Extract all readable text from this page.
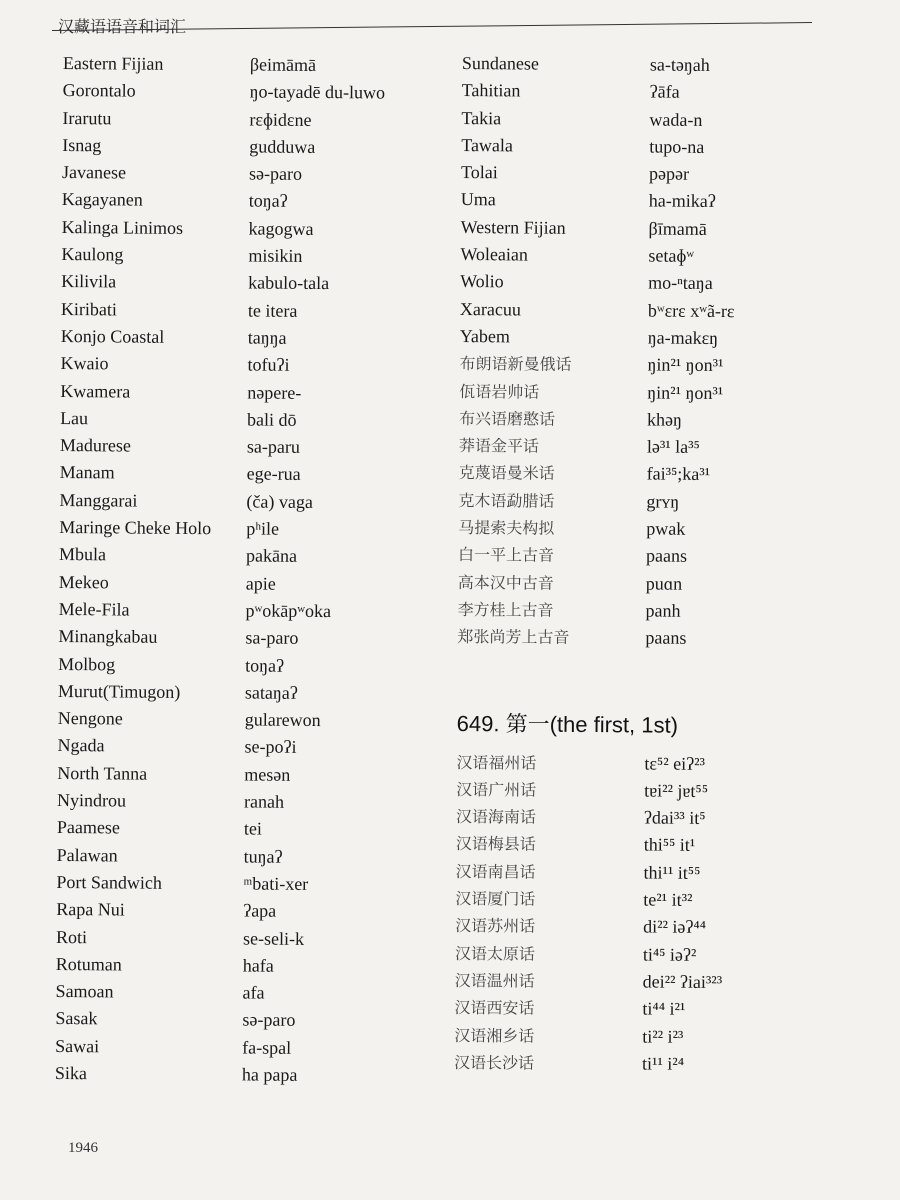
汉藏语语音和词汇
Eastern Fijian	βeimāmā
Gorontalo	ŋo-tayadē du-luwo
Irarutu	rɛɸidɛne
Isnag	gudduwa
Javanese	sə-paro
Kagayanen	toŋaʔ
Kalinga Linimos	kagogwa
Kaulong	misikin
Kilivila	kabulo-tala
Kiribati	te itera
Konjo Coastal	taŋŋa
Kwaio	tofuʔi
Kwamera	nəpere-
Lau	bali dō
Madurese	sa-paru
Manam	ege-rua
Manggarai	(ča) vaga
Maringe Cheke Holo	pʰile
Mbula	pakāna
Mekeo	apie
Mele-Fila	pʷokāpʷoka
Minangkabau	sa-paro
Molbog	toŋaʔ
Murut(Timugon)	sataŋaʔ
Nengone	gularewon
Ngada	se-poʔi
North Tanna	mesən
Nyindrou	ranah
Paamese	tei
Palawan	tuŋaʔ
Port Sandwich	ᵐbati-xer
Rapa Nui	ʔapa
Roti	se-seli-k
Rotuman	hafa
Samoan	afa
Sasak	sə-paro
Sawai	fa-spal
Sika	ha papa
Sundanese	sa-təŋah
Tahitian	ʔāfa
Takia	wada-n
Tawala	tupo-na
Tolai	pəpər
Uma	ha-mikaʔ
Western Fijian	βīmamā
Woleaian	setaɸʷ
Wolio	mo-ⁿtaŋa
Xaracuu	bʷɛrɛ xʷã-rɛ
Yabem	ŋa-makɛŋ
布朗语新曼俄话	ŋin²¹ ŋon³¹
佤语岩帅话	ŋin²¹ ŋon³¹
布兴语磨憨话	khəŋ
莽语金平话	lə³¹ la³⁵
克蔑语曼米话	fai³⁵;ka³¹
克木语勐腊话	grʏŋ
马提索夫构拟	pwak
白一平上古音	paans
高本汉中古音	puɑn
李方桂上古音	panh
郑张尚芳上古音	paans
649. 第一(the first, 1st)
汉语福州话	tɛ⁵² eiʔ²³
汉语广州话	tɐi²² jɐt⁵⁵
汉语海南话	ʔdai³³ it⁵
汉语梅县话	thi⁵⁵ it¹
汉语南昌话	thi¹¹ it⁵⁵
汉语厦门话	te²¹ it³²
汉语苏州话	di²² iəʔ⁴⁴
汉语太原话	ti⁴⁵ iəʔ²
汉语温州话	dei²² ʔiai³²³
汉语西安话	ti⁴⁴ i²¹
汉语湘乡话	ti²² i²³
汉语长沙话	ti¹¹ i²⁴
1946
